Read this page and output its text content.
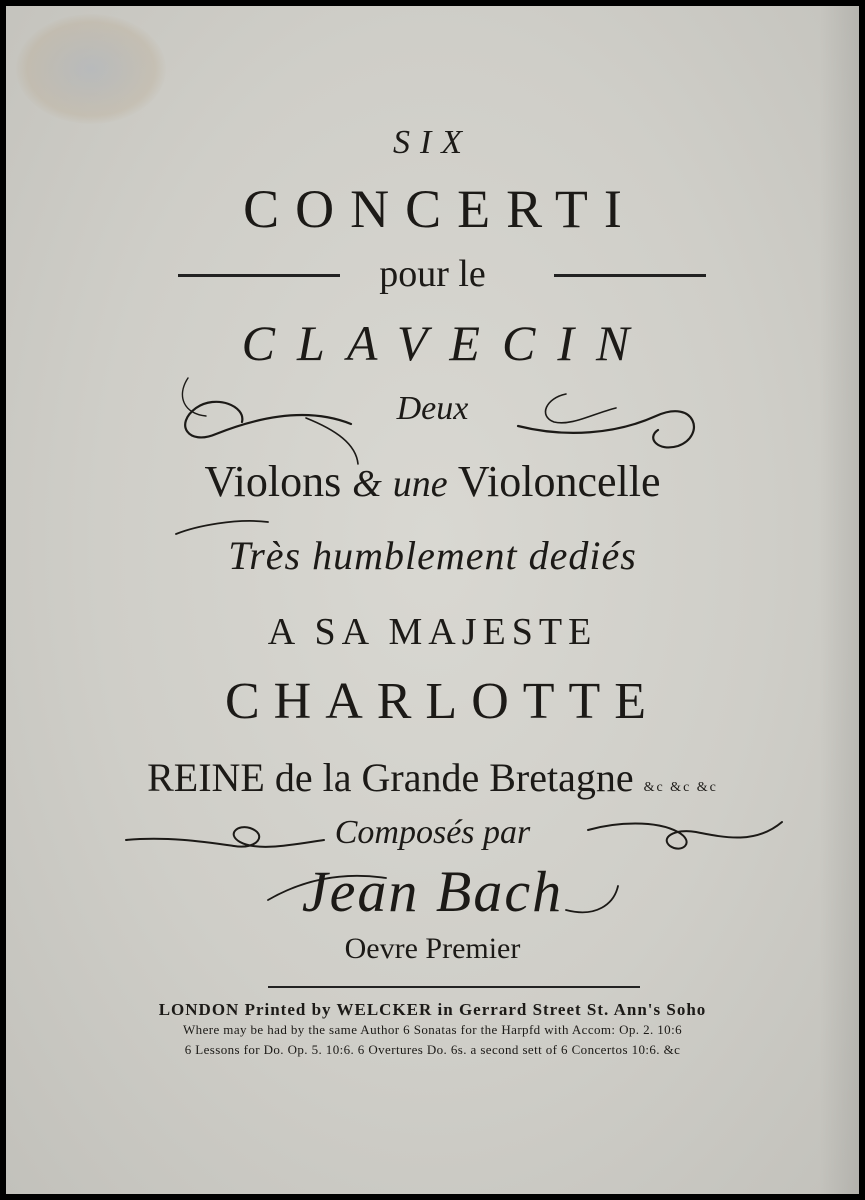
SIX

CONCERTI

pour le

CLAVECIN

Deux

Violons & une Violoncelle

Très humblement dediés

A SA MAJESTE

CHARLOTTE

REINE de la Grande Bretagne &c &c &c

Composés par

Jean Bach

Oevre Premier

LONDON Printed by WELCKER in Gerrard Street St. Ann's Soho
Where may be had by the same Author 6 Sonatas for the Harpfd with Accom: Op. 2. 10:6
6 Lessons for Do. Op. 5. 10:6. 6 Overtures Do. 6s. a second sett of 6 Concertos 10:6. &c
